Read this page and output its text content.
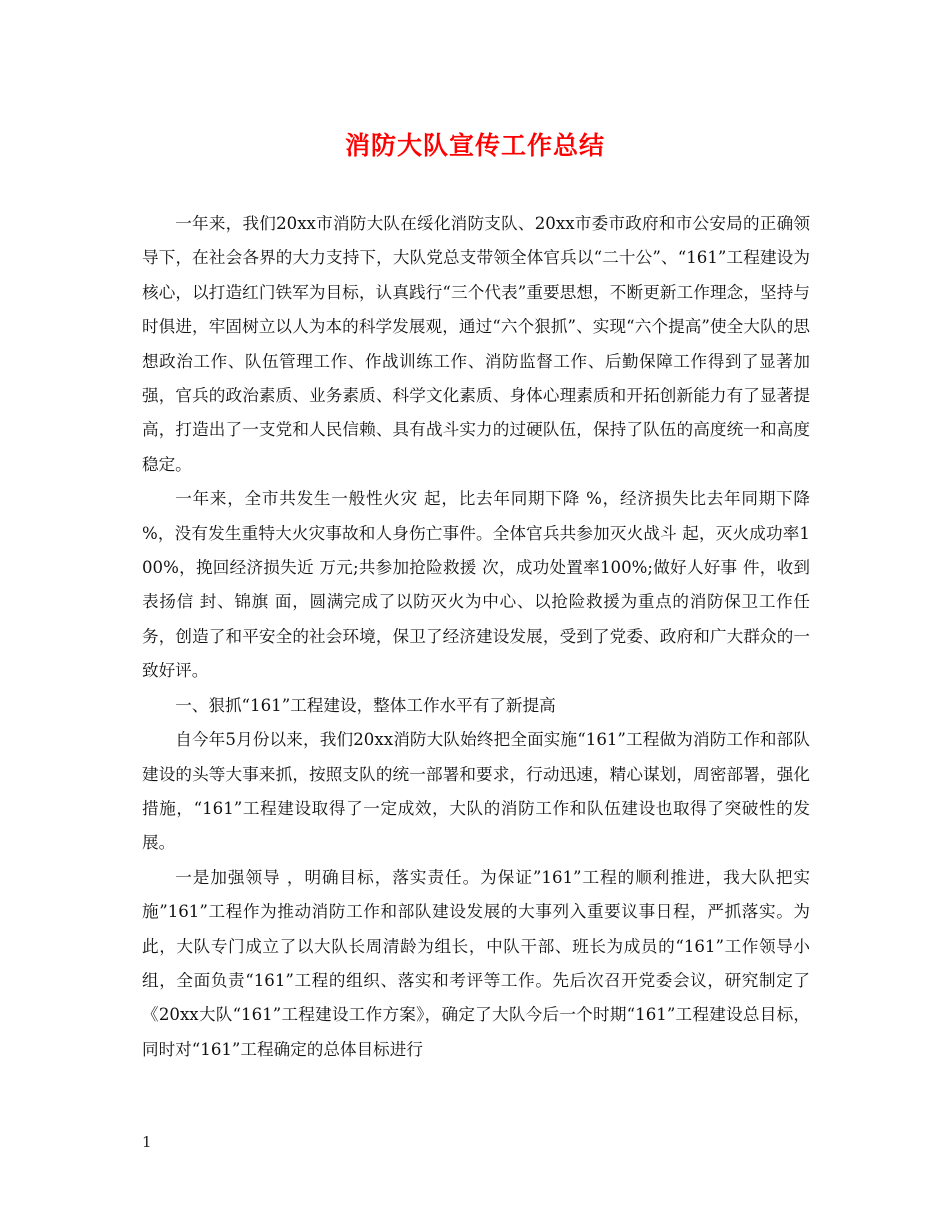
消防大队宣传工作总结

一年来，我们20xx市消防大队在绥化消防支队、20xx市委市政府和市公安局的正确领导下，在社会各界的大力支持下，大队党总支带领全体官兵以“二十公”、“161”工程建设为核心，以打造红门铁军为目标，认真践行“三个代表”重要思想，不断更新工作理念，坚持与时俱进，牢固树立以人为本的科学发展观，通过“六个狠抓”、实现“六个提高”使全大队的思想政治工作、队伍管理工作、作战训练工作、消防监督工作、后勤保障工作得到了显著加强，官兵的政治素质、业务素质、科学文化素质、身体心理素质和开拓创新能力有了显著提高，打造出了一支党和人民信赖、具有战斗实力的过硬队伍，保持了队伍的高度统一和高度稳定。

一年来，全市共发生一般性火灾 起，比去年同期下降 %，经济损失比去年同期下降 %，没有发生重特大火灾事故和人身伤亡事件。全体官兵共参加灭火战斗 起，灭火成功率100%，挽回经济损失近 万元;共参加抢险救援 次，成功处置率100%;做好人好事 件，收到表扬信 封、锦旗 面，圆满完成了以防灭火为中心、以抢险救援为重点的消防保卫工作任务，创造了和平安全的社会环境，保卫了经济建设发展，受到了党委、政府和广大群众的一致好评。

一、狠抓“161”工程建设，整体工作水平有了新提高

自今年5月份以来，我们20xx消防大队始终把全面实施“161”工程做为消防工作和部队建设的头等大事来抓，按照支队的统一部署和要求，行动迅速，精心谋划，周密部署，强化措施，“161”工程建设取得了一定成效，大队的消防工作和队伍建设也取得了突破性的发展。

一是加强领导 ，明确目标，落实责任。为保证”161”工程的顺利推进，我大队把实施”161”工程作为推动消防工作和部队建设发展的大事列入重要议事日程，严抓落实。为此，大队专门成立了以大队长周清龄为组长，中队干部、班长为成员的“161”工作领导小组，全面负责“161”工程的组织、落实和考评等工作。先后次召开党委会议，研究制定了《20xx大队“161”工程建设工作方案》，确定了大队今后一个时期“161”工程建设总目标，同时对“161”工程确定的总体目标进行

1
